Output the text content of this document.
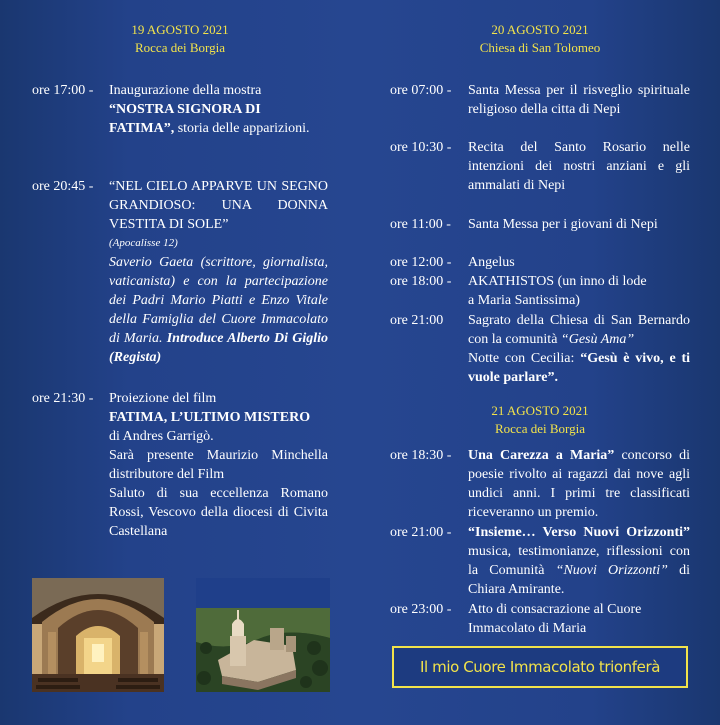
19 AGOSTO 2021
Rocca dei Borgia
ore 17:00 -	Inaugurazione della mostra
“NOSTRA SIGNORA DI FATIMA”, storia delle apparizioni.
ore 20:45 -	“NEL CIELO APPARVE UN SEGNO GRANDIOSO: UNA DONNA VESTITA DI SOLE”
(Apocalisse 12)
Saverio Gaeta (scrittore, giornalista, vaticanista) e con la partecipazione dei Padri Mario Piatti e Enzo Vitale della Famiglia del Cuore Immacolato di Maria. Introduce Alberto Di Giglio (Regista)
ore 21:30 -	Proiezione del film
FATIMA, L’ULTIMO MISTERO
di Andres Garrigò.
Sarà presente Maurizio Minchella distributore del Film
Saluto di sua eccellenza Romano Rossi, Vescovo della diocesi di Civita Castellana
20 AGOSTO 2021
Chiesa di San Tolomeo
ore 07:00 -	Santa Messa per il risveglio spirituale religioso della citta di Nepi
ore 10:30 -	Recita del Santo Rosario nelle intenzioni dei nostri anziani e gli ammalati di Nepi
ore 11:00 -	Santa Messa per i giovani di Nepi
ore 12:00 -	Angelus
ore 18:00 -	AKATHISTOS (un inno di lode a Maria Santissima)
ore 21:00	Sagrato della Chiesa di San Bernardo con la comunità “Gesù Ama”
Notte con Cecilia: “Gesù è vivo, e ti vuole parlare”.
21 AGOSTO 2021
Rocca dei Borgia
ore 18:30 -	Una Carezza a Maria” concorso di poesie rivolto ai ragazzi dai nove agli undici anni. I primi tre classificati riceveranno un premio.
ore 21:00 -	“Insieme… Verso Nuovi Orizzonti” musica, testimonianze, riflessioni con la Comunità “Nuovi Orizzonti” di Chiara Amirante.
ore 23:00 -	Atto di consacrazione al Cuore Immacolato di Maria
Il mio Cuore Immacolato trionferà
